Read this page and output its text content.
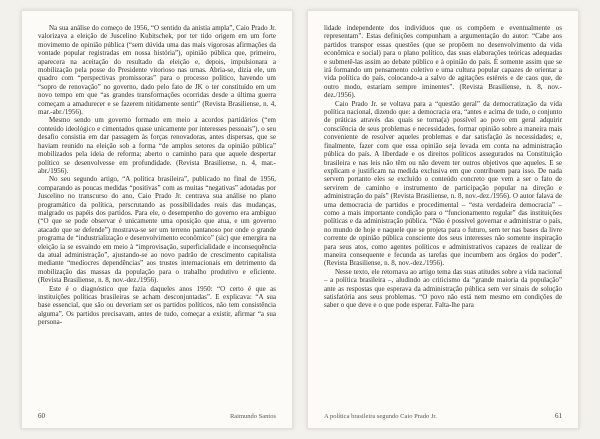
Na sua análise do começo de 1956, “O sentido da anistia ampla”, Caio Prado Jr. valorizava a eleição de Juscelino Kubitschek, por ter tido origem em um forte movimento de opinião pública (“sem dúvida uma das mais vigorosas afirmações da vontade popular registradas em nossa história”), opinião pública que, primeiro, aparecera na aceitação do resultado da eleição e, depois, impulsionara a mobilização pela posse do Presidente vitorioso nas urnas. Abria-se, dizia ele, um quadro com “perspectivas promissoras” para o processo político, havendo um “sopro de renovação” no governo, dado pelo fato de JK o ter constituído em um novo tempo em que “as grandes transformações ocorridas desde a última guerra começam a amadurecer e se fazerem nitidamente sentir” (Revista Brasiliense, n. 4, mar.-abr./1956).

Mesmo sendo um governo formado em meio a acordos partidários (“em conteúdo ideológico e cimentados quase unicamente por interesses pessoais”), o seu desafio consistia em dar passagem às forças renovadoras, antes dispersas, que se haviam reunido na eleição sob a forma “de amplos setores da opinião pública” mobilizados pela ideia de reforma; aberto o caminho para que aquele despertar político se desenvolvesse em profundidade. (Revista Brasiliense, n. 4, mar.-abr./1956).

No seu segundo artigo, “A política brasileira”, publicado no final de 1956, comparando as poucas medidas “positivas” com as muitas “negativas” adotadas por Juscelino no transcurso do ano, Caio Prado Jr. centrava sua análise no plano programático da política, perscrutando as possibilidades reais das mudanças, malgrado os papéis dos partidos. Para ele, o desempenho do governo era ambíguo (“O que se pode observar é unicamente uma oposição que atua, e um governo atacado que se defende”) mostrava-se ser um terreno pantanoso por onde o grande programa de “industrialização e desenvolvimento econômico” (sic) que emergira na eleição ia se esvaindo em meio à “improvisação, superficialidade e inconsequência da atual administração”, ajustando-se ao novo padrão de crescimento capitalista mediante “medíocres dependências” aos trustes internacionais em detrimento da mobilização das massas da população para o trabalho produtivo e eficiente. (Revista Brasiliense, n. 8, nov.-dez./1956).

Este é o diagnóstico que fazia daqueles anos 1950: “O certo é que as instituições políticas brasileiras se acham desconjuntadas”. E explicava: “A sua base essencial, que são ou deveriam ser os partidos políticos, não tem consistência alguma”. Os partidos precisavam, antes de tudo, começar a existir, afirmar “a sua persona-

60	Raimundo Santos

lidade independente dos indivíduos que os compõem e eventualmente os representam”. Estas definições compunham a argumentação do autor: “Cabe aos partidos transpor essas questões (que se propõem no desenvolvimento da vida econômica e social) para o plano político, das suas elaborações teóricas adequadas e submetê-las assim ao debate público e à opinião do país. É somente assim que se irá formando um pensamento coletivo e uma cultura popular capazes de orientar a vida política do país, colocando-a a salvo de agitações estéreis e de caos que, de outro modo, estariam sempre iminentes”. (Revista Brasiliense, n. 8, nov.-dez./1956).

Caio Prado Jr. se voltava para a “questão geral” da democratização da vida política nacional, dizendo que: a democracia era, “antes e acima de tudo, o conjunto de práticas através das quais se torna(a) possível ao povo em geral adquirir consciência de seus problemas e necessidades, formar opinião sobre a maneira mais conveniente de resolver aqueles problemas e dar satisfação às necessidades; e, finalmente, fazer com que essa opinião seja levada em conta na administração pública do país. A liberdade e os direitos políticos assegurados na Constituição brasileira e nas leis não têm ou não devem ter outros objetivos que aqueles. E se explicam e justificam na medida exclusiva em que contribuem para isso. De nada servem portanto eles se excluído o conteúdo concreto que vem a ser o fato de servirem de caminho e instrumento de participação popular na direção e administração do país” (Revista Brasiliense, n. 8, nov.-dez./1956). O autor falava de uma democracia de partidos e procedimental – “esta verdadeira democracia” – como a mais importante condição para o “funcionamento regular” das instituições políticas e da administração pública. “Não é possível governar e administrar o país, no mundo de hoje e naquele que se projeta para o futuro, sem ter nas bases da livre corrente de opinião pública consciente dos seus interesses não somente inspiração para seus atos, como agentes políticos e administrativos capazes de realizar de maneira consequente e fecunda as tarefas que incumbem aos órgãos do poder”. (Revista Brasiliense, n. 8, nov.-dez./1956).

Nesse texto, ele retornava ao artigo tema das suas atitudes sobre a vida nacional – a política brasileira –, aludindo ao criticismo da “grande maioria da população” ante as respostas que esperava da administração pública sem ver sinais de solução satisfatória aos seus problemas. “O povo não está nem mesmo em condições de saber o que deve e o que pode esperar. Falta-lhe para

A política brasileira segundo Caio Prado Jr.	61
